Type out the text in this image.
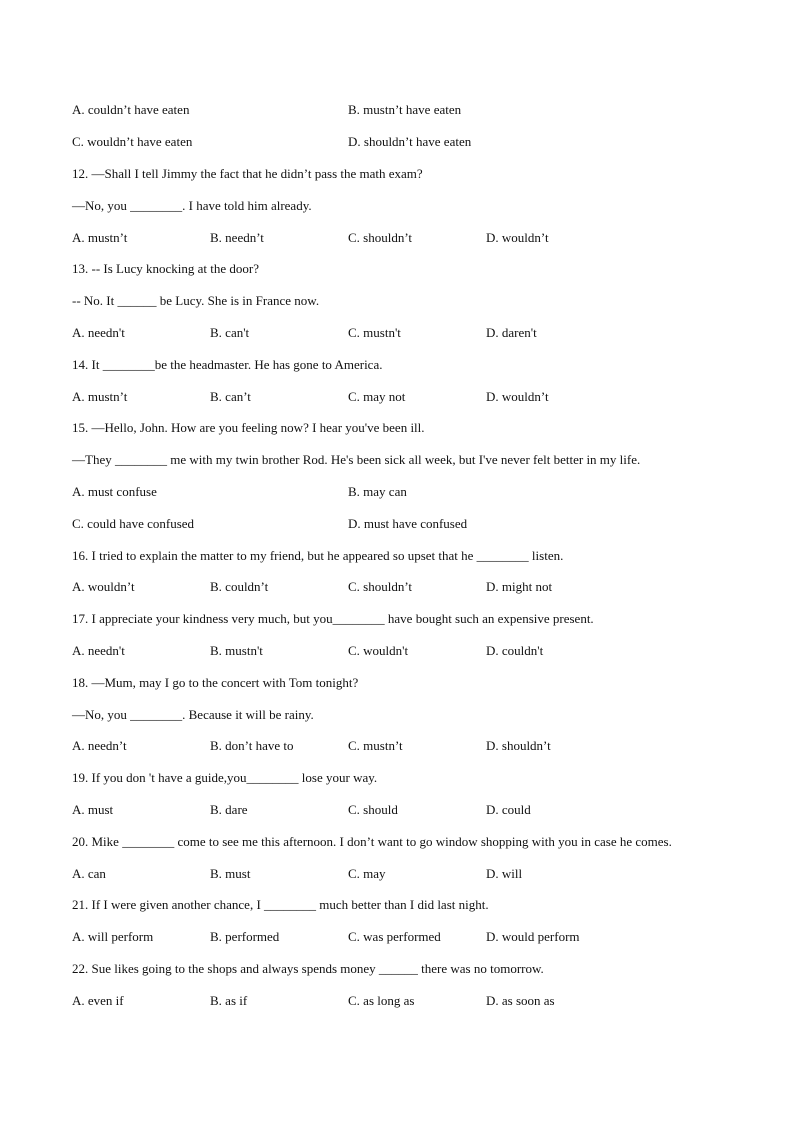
A. couldn’t have eaten	B. mustn’t have eaten
C. wouldn’t have eaten	D. shouldn’t have eaten
12. —Shall I tell Jimmy the fact that he didn’t pass the math exam?
—No, you ________. I have told him already.
A. mustn’t	B. needn’t	C. shouldn’t	D. wouldn’t
13. -- Is Lucy knocking at the door?
-- No. It ______ be Lucy. She is in France now.
A. needn't	B. can't	C. mustn't	D. daren't
14. It ________be the headmaster. He has gone to America.
A. mustn’t	B. can’t	C. may not	D. wouldn’t
15. —Hello, John. How are you feeling now? I hear you've been ill.
—They ________ me with my twin brother Rod. He's been sick all week, but I've never felt better in my life.
A. must confuse	B. may can
C. could have confused	D. must have confused
16. I tried to explain the matter to my friend, but he appeared so upset that he ________ listen.
A. wouldn’t	B. couldn’t	C. shouldn’t	D. might not
17. I appreciate your kindness very much, but you________ have bought such an expensive present.
A. needn't	B. mustn't	C. wouldn't	D. couldn't
18. —Mum, may I go to the concert with Tom tonight?
—No, you ________. Because it will be rainy.
A. needn’t	B. don’t have to	C. mustn’t	D. shouldn’t
19. If you don 't have a guide,you________ lose your way.
A. must	B. dare	C. should	D. could
20. Mike ________ come to see me this afternoon. I don’t want to go window shopping with you in case he comes.
A. can	B. must	C. may	D. will
21. If I were given another chance, I ________ much better than I did last night.
A. will perform	B. performed	C. was performed	D. would perform
22. Sue likes going to the shops and always spends money ______ there was no tomorrow.
A. even if	B. as if	C. as long as	D. as soon as
